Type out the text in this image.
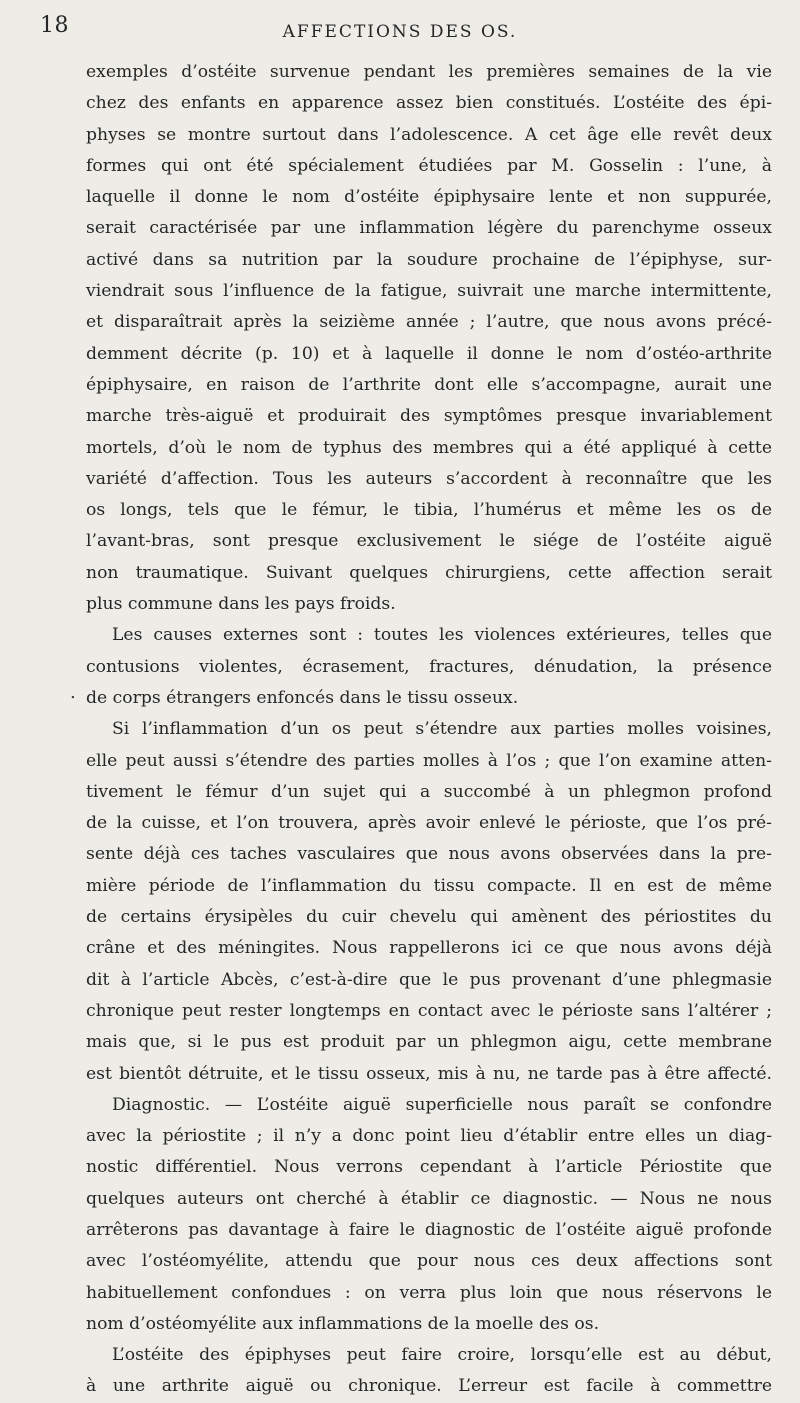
18	AFFECTIONS DES OS.
.
exemples d’ostéite survenue pendant les premières semaines de la vie
chez des enfants en apparence assez bien constitués. L’ostéite des épi-
physes se montre surtout dans l’adolescence. A cet âge elle revêt deux
formes qui ont été spécialement étudiées par M. Gosselin : l’une, à
laquelle il donne le nom d’ostéite épiphysaire lente et non suppurée,
serait caractérisée par une inflammation légère du parenchyme osseux
activé dans sa nutrition par la soudure prochaine de l’épiphyse, sur-
viendrait sous l’influence de la fatigue, suivrait une marche intermittente,
et disparaîtrait après la seizième année ; l’autre, que nous avons précé-
demment décrite (p. 10) et à laquelle il donne le nom d’ostéo-arthrite
épiphysaire, en raison de l’arthrite dont elle s’accompagne, aurait une
marche très-aiguë et produirait des symptômes presque invariablement
mortels, d’où le nom de typhus des membres qui a été appliqué à cette
variété d’affection. Tous les auteurs s’accordent à reconnaître que les
os longs, tels que le fémur, le tibia, l’humérus et même les os de
l’avant-bras, sont presque exclusivement le siége de l’ostéite aiguë
non traumatique. Suivant quelques chirurgiens, cette affection serait
plus commune dans les pays froids.
Les causes externes sont : toutes les violences extérieures, telles que
contusions violentes, écrasement, fractures, dénudation, la présence
de corps étrangers enfoncés dans le tissu osseux.
Si l’inflammation d’un os peut s’étendre aux parties molles voisines,
elle peut aussi s’étendre des parties molles à l’os ; que l’on examine atten-
tivement le fémur d’un sujet qui a succombé à un phlegmon profond
de la cuisse, et l’on trouvera, après avoir enlevé le périoste, que l’os pré-
sente déjà ces taches vasculaires que nous avons observées dans la pre-
mière période de l’inflammation du tissu compacte. Il en est de même
de certains érysipèles du cuir chevelu qui amènent des périostites du
crâne et des méningites. Nous rappellerons ici ce que nous avons déjà
dit à l’article Abcès, c’est-à-dire que le pus provenant d’une phlegmasie
chronique peut rester longtemps en contact avec le périoste sans l’altérer ;
mais que, si le pus est produit par un phlegmon aigu, cette membrane
est bientôt détruite, et le tissu osseux, mis à nu, ne tarde pas à être affecté.
Diagnostic. — L’ostéite aiguë superficielle nous paraît se confondre
avec la périostite ; il n’y a donc point lieu d’établir entre elles un diag-
nostic différentiel. Nous verrons cependant à l’article Périostite que
quelques auteurs ont cherché à établir ce diagnostic. — Nous ne nous
arrêterons pas davantage à faire le diagnostic de l’ostéite aiguë profonde
avec l’ostéomyélite, attendu que pour nous ces deux affections sont
habituellement confondues : on verra plus loin que nous réservons le
nom d’ostéomyélite aux inflammations de la moelle des os.
L’ostéite des épiphyses peut faire croire, lorsqu’elle est au début,
à une arthrite aiguë ou chronique. L’erreur est facile à commettre
